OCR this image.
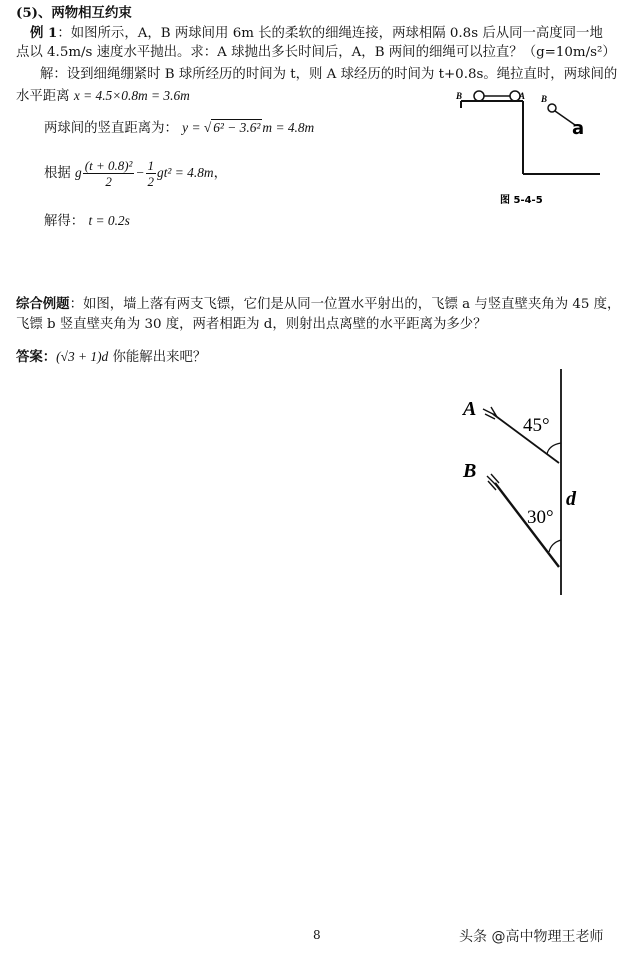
(5)、两物相互约束
例 1：如图所示，A，B 两球间用 6m 长的柔软的细绳连接，两球相隔 0.8s 后从同一高度同一地
点以 4.5m/s 速度水平抛出。求：A 球抛出多长时间后，A，B 两间的细绳可以拉直？（g=10m/s²）
解：设到细绳绷紧时 B 球所经历的时间为 t，则 A 球经历的时间为 t+0.8s。绳拉直时，两球间的
水平距离 x = 4.5×0.8m = 3.6m
两球间的竖直距离为： y = √ 6² − 3.6² m = 4.8m
根据 g $\frac{\text{(t + 0.8)²}}{2} - \frac{1}{2} gt^2 = 4.8m$，
解得： t = 0.2s
B	A B
a
图 5-4-5
综合例题：如图，墙上落有两支飞镖，它们是从同一位置水平射出的，飞镖 a 与竖直壁夹角为 45 度，
飞镖 b 竖直壁夹角为 30 度，两者相距为 d，则射出点离壁的水平距离为多少？
答案：(√3 + 1)d 你能解出来吧？
A
B
45°
30°
d
8	头条 @高中物理王老师
